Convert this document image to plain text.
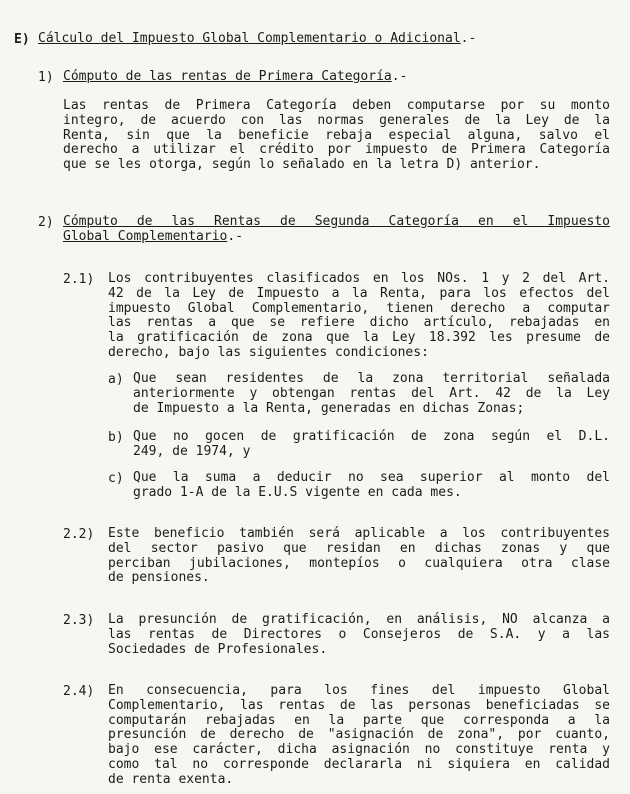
E) Cálculo del Impuesto Global Complementario o Adicional.-
1) Cómputo de las rentas de Primera Categoría.-
Las rentas de Primera Categoría deben computarse por su monto
integro, de acuerdo con las normas generales de la Ley de la
Renta, sin que la beneficie rebaja especial alguna, salvo el
derecho a utilizar el crédito por impuesto de Primera Categoría
que se les otorga, según lo señalado en la letra D) anterior.
2) Cómputo de las Rentas de Segunda Categoría en el Impuesto
Global Complementario.-
2.1) Los contribuyentes clasificados en los NOs. 1 y 2 del Art.
42 de la Ley de Impuesto a la Renta, para los efectos del
impuesto Global Complementario, tienen derecho a computar
las rentas a que se refiere dicho artículo, rebajadas en
la gratificación de zona que la Ley 18.392 les presume de
derecho, bajo las siguientes condiciones:
a) Que sean residentes de la zona territorial señalada
anteriormente y obtengan rentas del Art. 42 de la Ley
de Impuesto a la Renta, generadas en dichas Zonas;
b) Que no gocen de gratificación de zona según el D.L.
249, de 1974, y
c) Que la suma a deducir no sea superior al monto del
grado 1-A de la E.U.S vigente en cada mes.
2.2) Este beneficio también será aplicable a los contribuyentes
del sector pasivo que residan en dichas zonas y que
perciban jubilaciones, montepíos o cualquiera otra clase
de pensiones.
2.3) La presunción de gratificación, en análisis, NO alcanza a
las rentas de Directores o Consejeros de S.A. y a las
Sociedades de Profesionales.
2.4) En consecuencia, para los fines del impuesto Global
Complementario, las rentas de las personas beneficiadas se
computarán rebajadas en la parte que corresponda a la
presunción de derecho de "asignación de zona", por cuanto,
bajo ese carácter, dicha asignación no constituye renta y
como tal no corresponde declararla ni siquiera en calidad
de renta exenta.
